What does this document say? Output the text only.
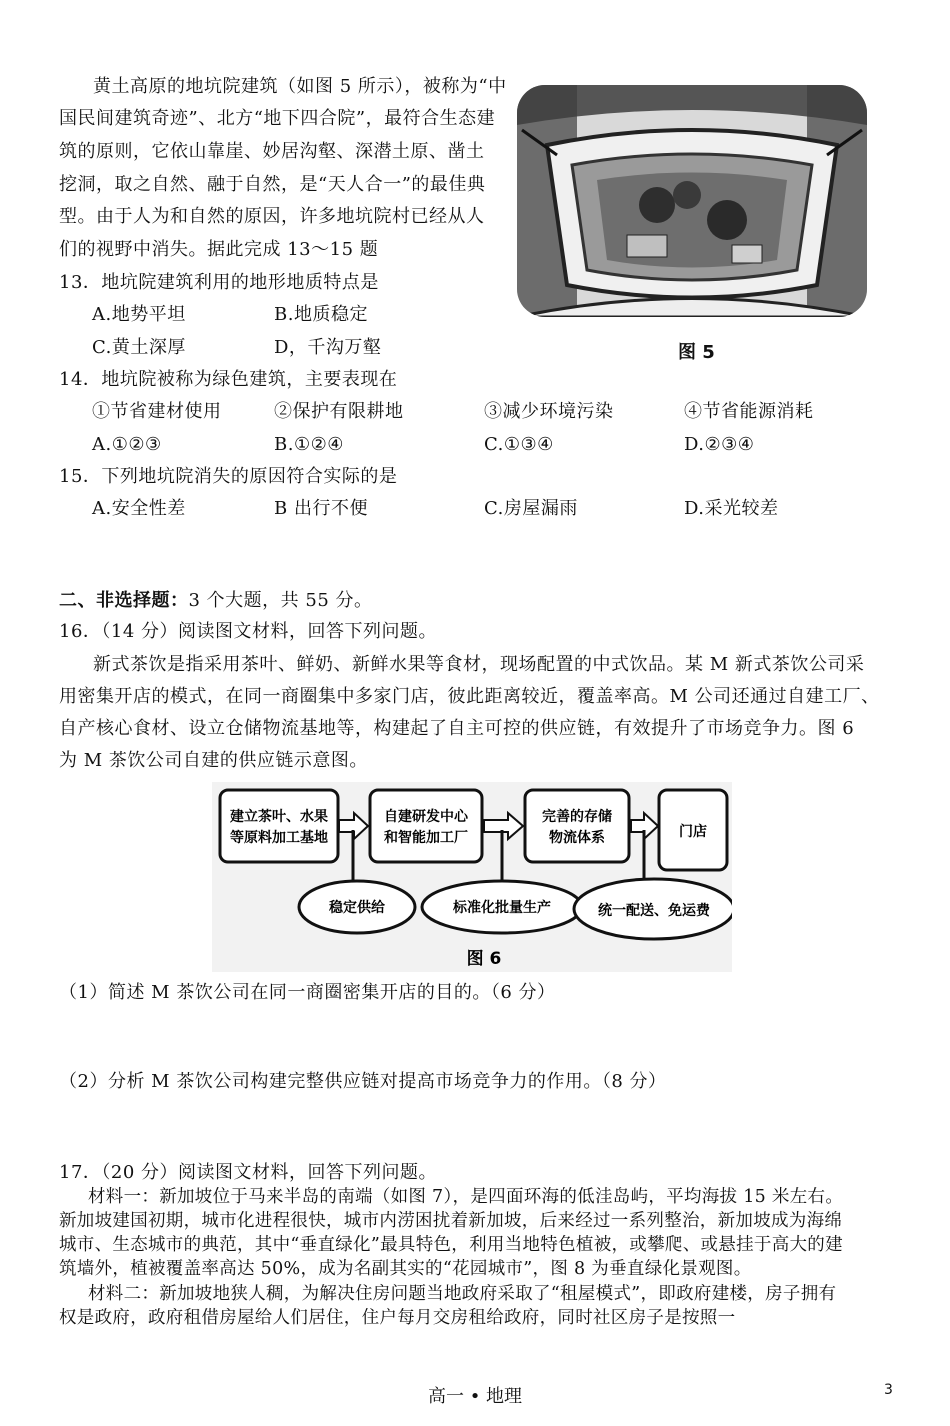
黄土高原的地坑院建筑（如图 5 所示），被称为“中
国民间建筑奇迹”、北方“地下四合院”，最符合生态建
筑的原则，它依山靠崖、妙居沟壑、深潜土原、凿土
挖洞，取之自然、融于自然，是“天人合一”的最佳典
型。由于人为和自然的原因，许多地坑院村已经从人
们的视野中消失。据此完成 13～15 题
图 5
13．地坑院建筑利用的地形地质特点是
A.地势平坦	B.地质稳定
C.黄土深厚	D，千沟万壑
14．地坑院被称为绿色建筑，主要表现在
①节省建材使用	②保护有限耕地	③减少环境污染	④节省能源消耗
A.①②③	B.①②④	C.①③④	D.②③④
15．下列地坑院消失的原因符合实际的是
A.安全性差	B 出行不便	C.房屋漏雨	D.采光较差
二、非选择题：3 个大题，共 55 分。
16．（14 分）阅读图文材料，回答下列问题。
新式茶饮是指采用茶叶、鲜奶、新鲜水果等食材，现场配置的中式饮品。某 M 新式茶饮公司采
用密集开店的模式，在同一商圈集中多家门店，彼此距离较近，覆盖率高。M 公司还通过自建工厂、
自产核心食材、设立仓储物流基地等，构建起了自主可控的供应链，有效提升了市场竞争力。图 6
为 M 茶饮公司自建的供应链示意图。
建立茶叶、水果
等原料加工基地
自建研发中心
和智能加工厂
完善的存储
物流体系	门店
稳定供给	标准化批量生产	统一配送、免运费
图 6
（1）简述 M 茶饮公司在同一商圈密集开店的目的。（6 分）
（2）分析 M 茶饮公司构建完整供应链对提高市场竞争力的作用。（8 分）
17．（20 分）阅读图文材料，回答下列问题。
材料一：新加坡位于马来半岛的南端（如图 7），是四面环海的低洼岛屿，平均海拔 15 米左右。
新加坡建国初期，城市化进程很快，城市内涝困扰着新加坡，后来经过一系列整治，新加坡成为海绵
城市、生态城市的典范，其中“垂直绿化”最具特色，利用当地特色植被，或攀爬、或悬挂于高大的建
筑墙外，植被覆盖率高达 50%，成为名副其实的“花园城市”，图 8 为垂直绿化景观图。
材料二：新加坡地狭人稠，为解决住房问题当地政府采取了“租屋模式”，即政府建楼，房子拥有
权是政府，政府租借房屋给人们居住，住户每月交房租给政府，同时社区房子是按照一
高一 • 地理	3
